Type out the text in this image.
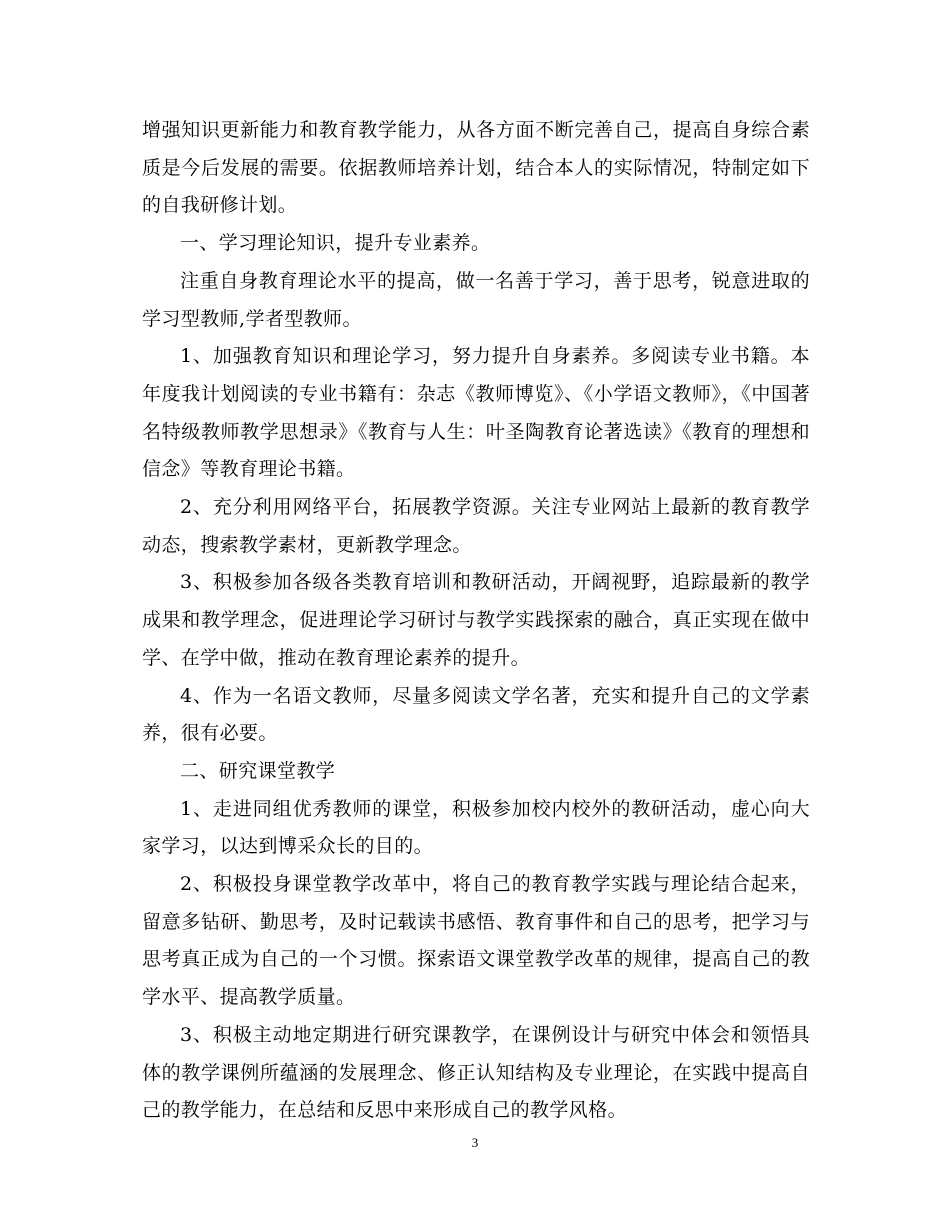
增强知识更新能力和教育教学能力，从各方面不断完善自己，提高自身综合素质是今后发展的需要。依据教师培养计划，结合本人的实际情况，特制定如下的自我研修计划。

一、学习理论知识，提升专业素养。

注重自身教育理论水平的提高，做一名善于学习，善于思考，锐意进取的学习型教师,学者型教师。

1、加强教育知识和理论学习，努力提升自身素养。多阅读专业书籍。本年度我计划阅读的专业书籍有：杂志《教师博览》、《小学语文教师》，《中国著名特级教师教学思想录》《教育与人生：叶圣陶教育论著选读》《教育的理想和信念》等教育理论书籍。

2、充分利用网络平台，拓展教学资源。关注专业网站上最新的教育教学动态，搜索教学素材，更新教学理念。

3、积极参加各级各类教育培训和教研活动，开阔视野，追踪最新的教学成果和教学理念，促进理论学习研讨与教学实践探索的融合，真正实现在做中学、在学中做，推动在教育理论素养的提升。

4、作为一名语文教师，尽量多阅读文学名著，充实和提升自己的文学素养，很有必要。

二、研究课堂教学

1、走进同组优秀教师的课堂，积极参加校内校外的教研活动，虚心向大家学习，以达到博采众长的目的。

2、积极投身课堂教学改革中，将自己的教育教学实践与理论结合起来，留意多钻研、勤思考，及时记载读书感悟、教育事件和自己的思考，把学习与思考真正成为自己的一个习惯。探索语文课堂教学改革的规律，提高自己的教学水平、提高教学质量。

3、积极主动地定期进行研究课教学，在课例设计与研究中体会和领悟具体的教学课例所蕴涵的发展理念、修正认知结构及专业理论，在实践中提高自己的教学能力，在总结和反思中来形成自己的教学风格。

3
